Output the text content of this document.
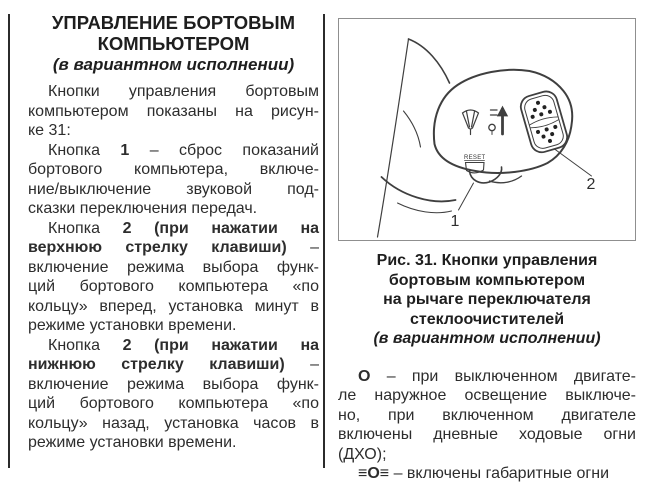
УПРАВЛЕНИЕ БОРТОВЫМ
КОМПЬЮТЕРОМ
(в вариантном исполнении)
Кнопки управления бортовым
компьютером показаны на рисун-
ке 31:
Кнопка 1 – сброс показаний
бортового компьютера, включе-
ние/выключение звуковой под-
сказки переключения передач.
Кнопка 2 (при нажатии на
верхнюю стрелку клавиши) –
включение режима выбора функ-
ций бортового компьютера «по
кольцу» вперед, установка минут в
режиме установки времени.
Кнопка 2 (при нажатии на
нижнюю стрелку клавиши) –
включение режима выбора функ-
ций бортового компьютера «по
кольцу» назад, установка часов в
режиме установки времени.
RESET
1
2
Рис. 31. Кнопки управления
бортовым компьютером
на рычаге переключателя
стеклоочистителей
(в вариантном исполнении)
О – при выключенном двигате-
ле наружное освещение выключе-
но, при включенном двигателе
включены дневные ходовые огни
(ДХО);
≡О≡ – включены габаритные огни
